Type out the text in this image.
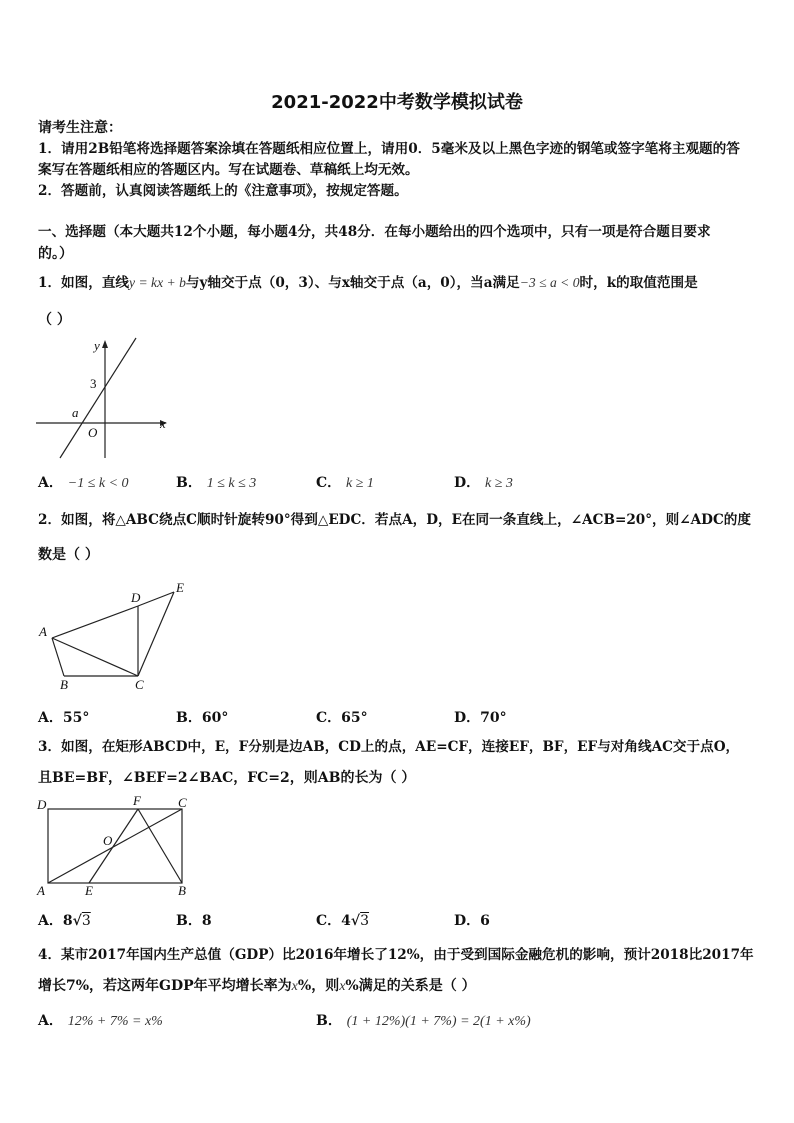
2021-2022中考数学模拟试卷
请考生注意：
1．请用2B铅笔将选择题答案涂填在答题纸相应位置上，请用0．5毫米及以上黑色字迹的钢笔或签字笔将主观题的答
案写在答题纸相应的答题区内。写在试题卷、草稿纸上均无效。
2．答题前，认真阅读答题纸上的《注意事项》，按规定答题。
一、选择题（本大题共12个小题，每小题4分，共48分．在每小题给出的四个选项中，只有一项是符合题目要求
的。）
1．如图，直线y = kx + b与y轴交于点（0，3）、与x轴交于点（a，0），当a满足−3 ≤ a < 0时，k的取值范围是
（ ）
y
x
3
a
O
A． −1 ≤ k < 0	B． 1 ≤ k ≤ 3	C． k ≥ 1	D． k ≥ 3
2．如图，将△ABC绕点C顺时针旋转90°得到△EDC．若点A，D，E在同一条直线上，∠ACB=20°，则∠ADC的度
数是（ ）
A
B	C
D
E
A．55°	B．60°	C．65°	D．70°
3．如图，在矩形ABCD中，E，F分别是边AB，CD上的点，AE=CF，连接EF，BF，EF与对角线AC交于点O，
且BE=BF，∠BEF=2∠BAC，FC=2，则AB的长为（ ）
A	B
C
D
E
F
O
A．8√3	B．8	C．4√3	D．6
4．某市2017年国内生产总值（GDP）比2016年增长了12%，由于受到国际金融危机的影响，预计2018比2017年
增长7%，若这两年GDP年平均增长率为x%，则x%满足的关系是（ ）
A． 12% + 7% = x%	B． (1 + 12%)(1 + 7%) = 2(1 + x%)
